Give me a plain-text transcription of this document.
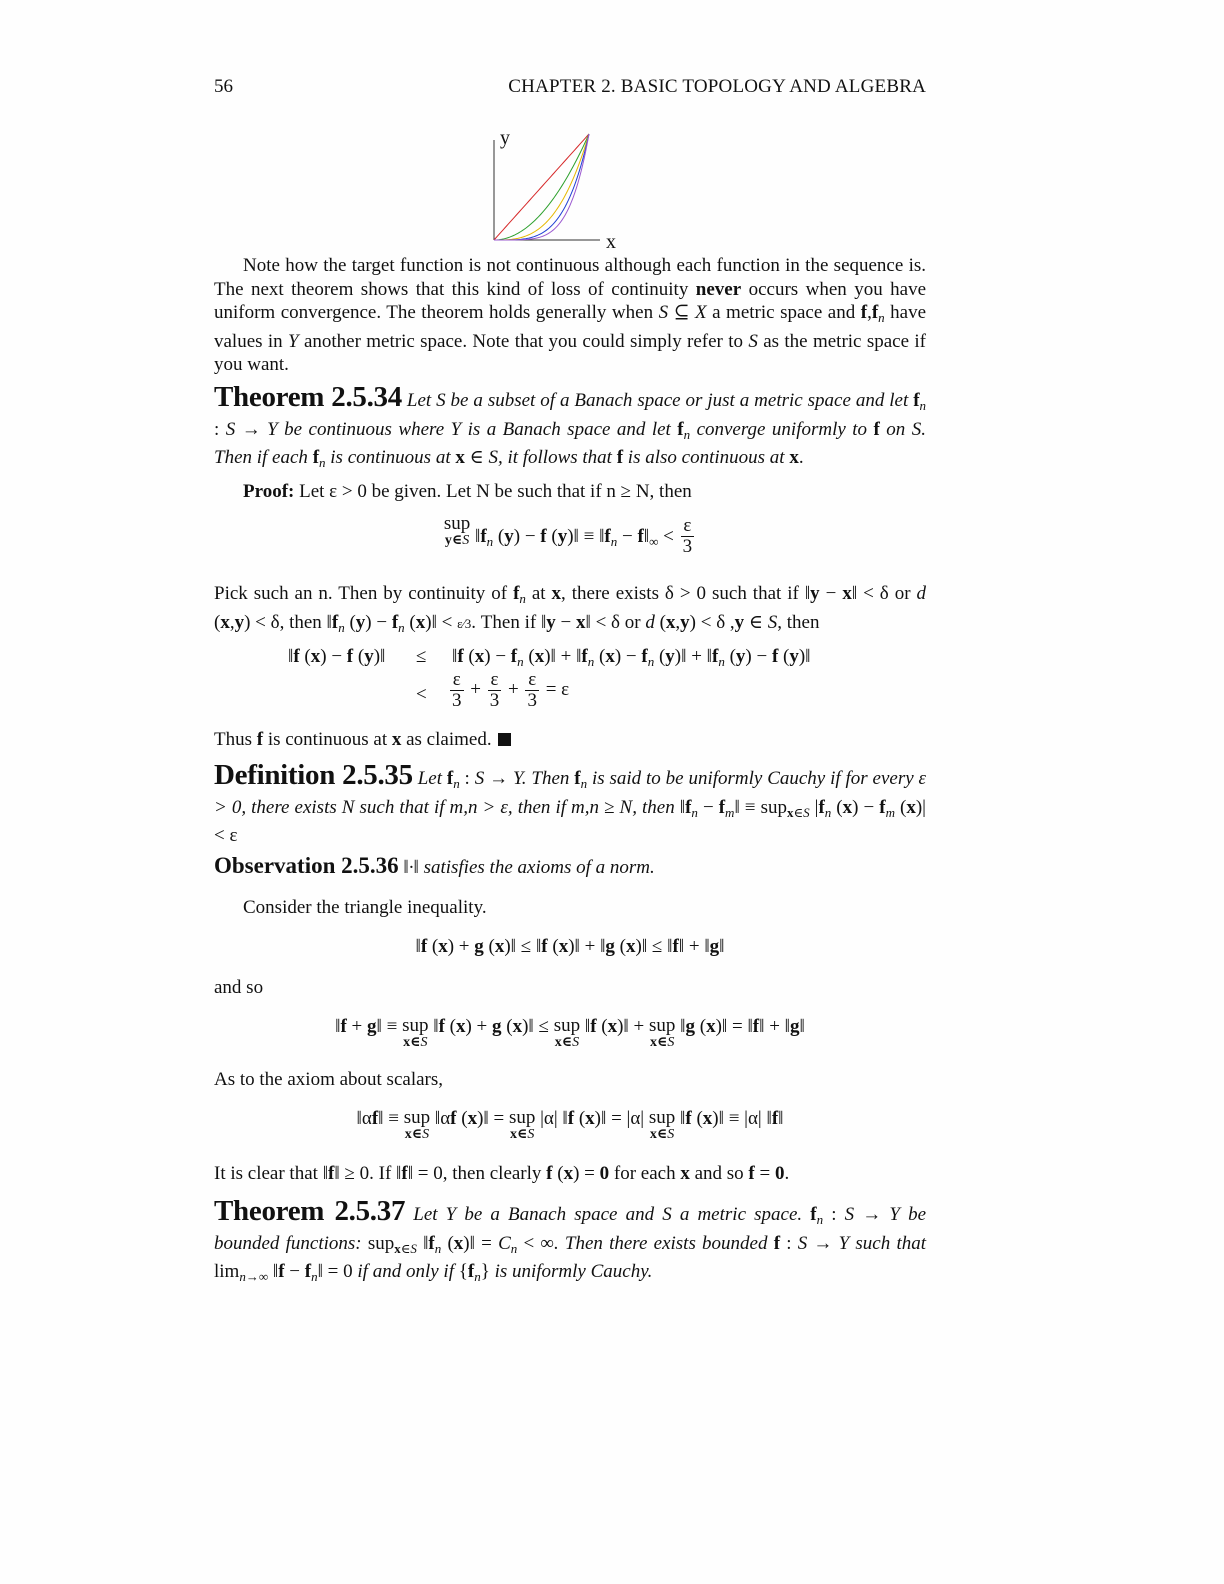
56	CHAPTER 2. BASIC TOPOLOGY AND ALGEBRA
y
x
Note how the target function is not continuous although each function in the sequence is. The next theorem shows that this kind of loss of continuity never occurs when you have uniform convergence. The theorem holds generally when S ⊆ X a metric space and $f,f_n$ have values in Y another metric space. Note that you could simply refer to S as the metric space if you want.
Theorem 2.5.34 Let S be a subset of a Banach space or just a metric space and let $f_n$ : S → Y be continuous where Y is a Banach space and let $f_n$ converge uniformly to f on S. Then if each $f_n$ is continuous at x ∈ S, it follows that f is also continuous at x.
Proof: Let ε > 0 be given. Let N be such that if n ≥ N, then
sup
y∈S $‖f_n$ (y) − f (y)‖ ≡ $‖f_n$ − $f‖_\infty < \frac{\varepsilon}{3}$
Pick such an n. Then by continuity of $f_n$ at x, there exists δ > 0 such that if ‖y − x‖ < δ or d (x,y) < δ, then $‖f_n$ $(y) - f_n$ (x)‖ < ε⁄3. Then if ‖y − x‖ < δ or d (x,y) < δ ,y ∈ S, then
‖f (x) − f (y)‖ ≤ ‖f $(x) - f_n$ (x)‖ + $‖f_n$ $(x) - f_n$ (y)‖ + $‖f_n$ (y) − f (y)‖
< $\frac{\varepsilon}{3} + \frac{\varepsilon}{3} + \frac{\varepsilon}{3} = \varepsilon$
Thus f is continuous at x as claimed.
Definition 2.5.35 Let $f_n$ : S → Y. Then $f_n$ is said to be uniformly Cauchy if for every ε > 0, there exists N such that if m,n > ε, then if m,n ≥ N, then $‖f_n$ − $f_m‖ \equiv sup_{x\in S}$ $|f_n$ $(x) - f_m$ (x)| < ε
Observation 2.5.36 ‖·‖ satisfies the axioms of a norm.
Consider the triangle inequality.
‖f (x) + g (x)‖ ≤ ‖f (x)‖ + ‖g (x)‖ ≤ ‖f‖ + ‖g‖
and so
‖f + g‖ ≡ sup
x∈S
‖f (x) + g (x)‖ ≤ sup
x∈S
‖f (x)‖ + sup
x∈S
‖g (x)‖ = ‖f‖ + ‖g‖
As to the axiom about scalars,
‖αf‖ ≡ sup
x∈S
‖αf (x)‖ = sup
x∈S
|α| ‖f (x)‖ = |α| sup
x∈S
‖f (x)‖ ≡ |α| ‖f‖
It is clear that ‖f‖ ≥ 0. If ‖f‖ = 0, then clearly f (x) = 0 for each x and so f = 0.
Theorem 2.5.37 Let Y be a Banach space and S a metric space. $f_n$ : S → Y be bounded functions: sup$_{x\in S}$ $‖f_n$ (x)‖ = $C_n$ < ∞. Then there exists bounded f : S → Y such that $\lim_{n\to\infty}$ ‖f − $f_n‖ = 0$ if and only if $\{f_n\}$ is uniformly Cauchy.
